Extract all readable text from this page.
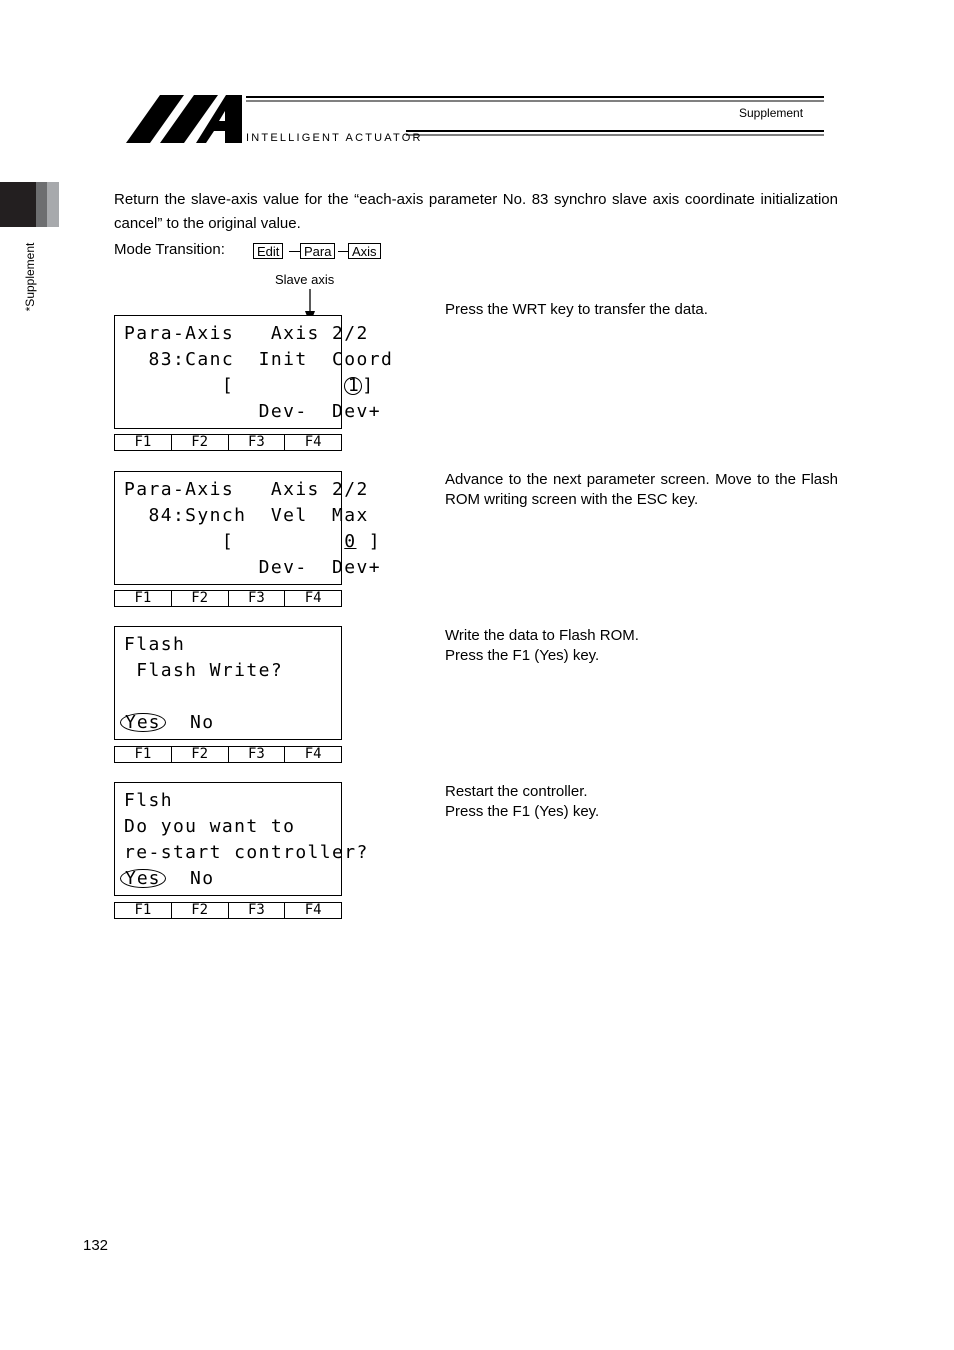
INTELLIGENT ACTUATOR
Supplement
*Supplement
Return the slave-axis value for the “each-axis parameter No. 83 synchro slave axis coordinate initialization cancel” to the original value.
Mode Transition:	Edit	Para	Axis
Slave axis
Para-Axis   Axis 2/2
83:Canc  Init  Coord
[         1 ]
Dev-  Dev+
F1	F2	F3	F4
Press the WRT key to transfer the data.
Para-Axis   Axis 2/2
84:Synch  Vel  Max
[         0 ]
Dev-  Dev+
F1	F2	F3	F4
Advance to the next parameter screen. Move to the Flash ROM writing screen with the ESC key.
Flash
Flash Write?
Yes No
F1	F2	F3	F4
Write the data to Flash ROM.
Press the F1 (Yes) key.
Flsh
Do you want to
re-start controller?
Yes No
F1	F2	F3	F4
Restart the controller.
Press the F1 (Yes) key.
132
